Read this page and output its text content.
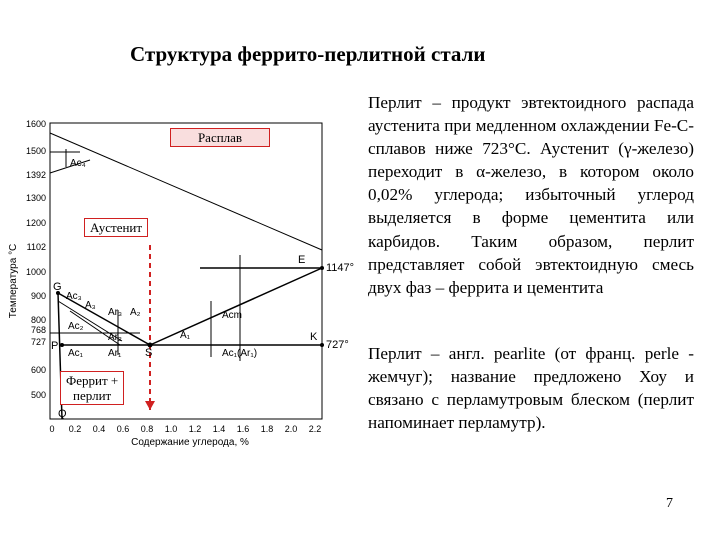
Структура феррито-перлитной стали
1600
1500
1392
1300
1200
1102
1000
900
800
768
727
600
500
0 0.2 0.4 0.6 0.8 1.0 1.2 1.4 1.6 1.8 2.0 2.2
Содержание углерода, %
Температура °С	E
K
S
P
G
Q
1147°
727°
Ac₄
Ac₃
A₃
Ar₃ A₂
Ac₂
Ar₂
Ac₁ Ar₁
A₁
Acm
Ac₁(Ar₁)
Расплав
Аустенит
Феррит +
перлит
Перлит – продукт эвтектоидного распада аустенита при медленном охлаждении Fe-C-сплавов ниже 723°С. Аустенит (γ-железо) переходит в α-железо, в котором около 0,02% углерода; избыточный углерод выделяется в форме цементита или карбидов. Таким образом, перлит представляет собой эвтектоидную смесь двух фаз – феррита и цементита
Перлит – англ. pearlite (от франц. perle - жемчуг); название предложено Хоу и связано с перламутровым блеском (перлит напоминает перламутр).
7
